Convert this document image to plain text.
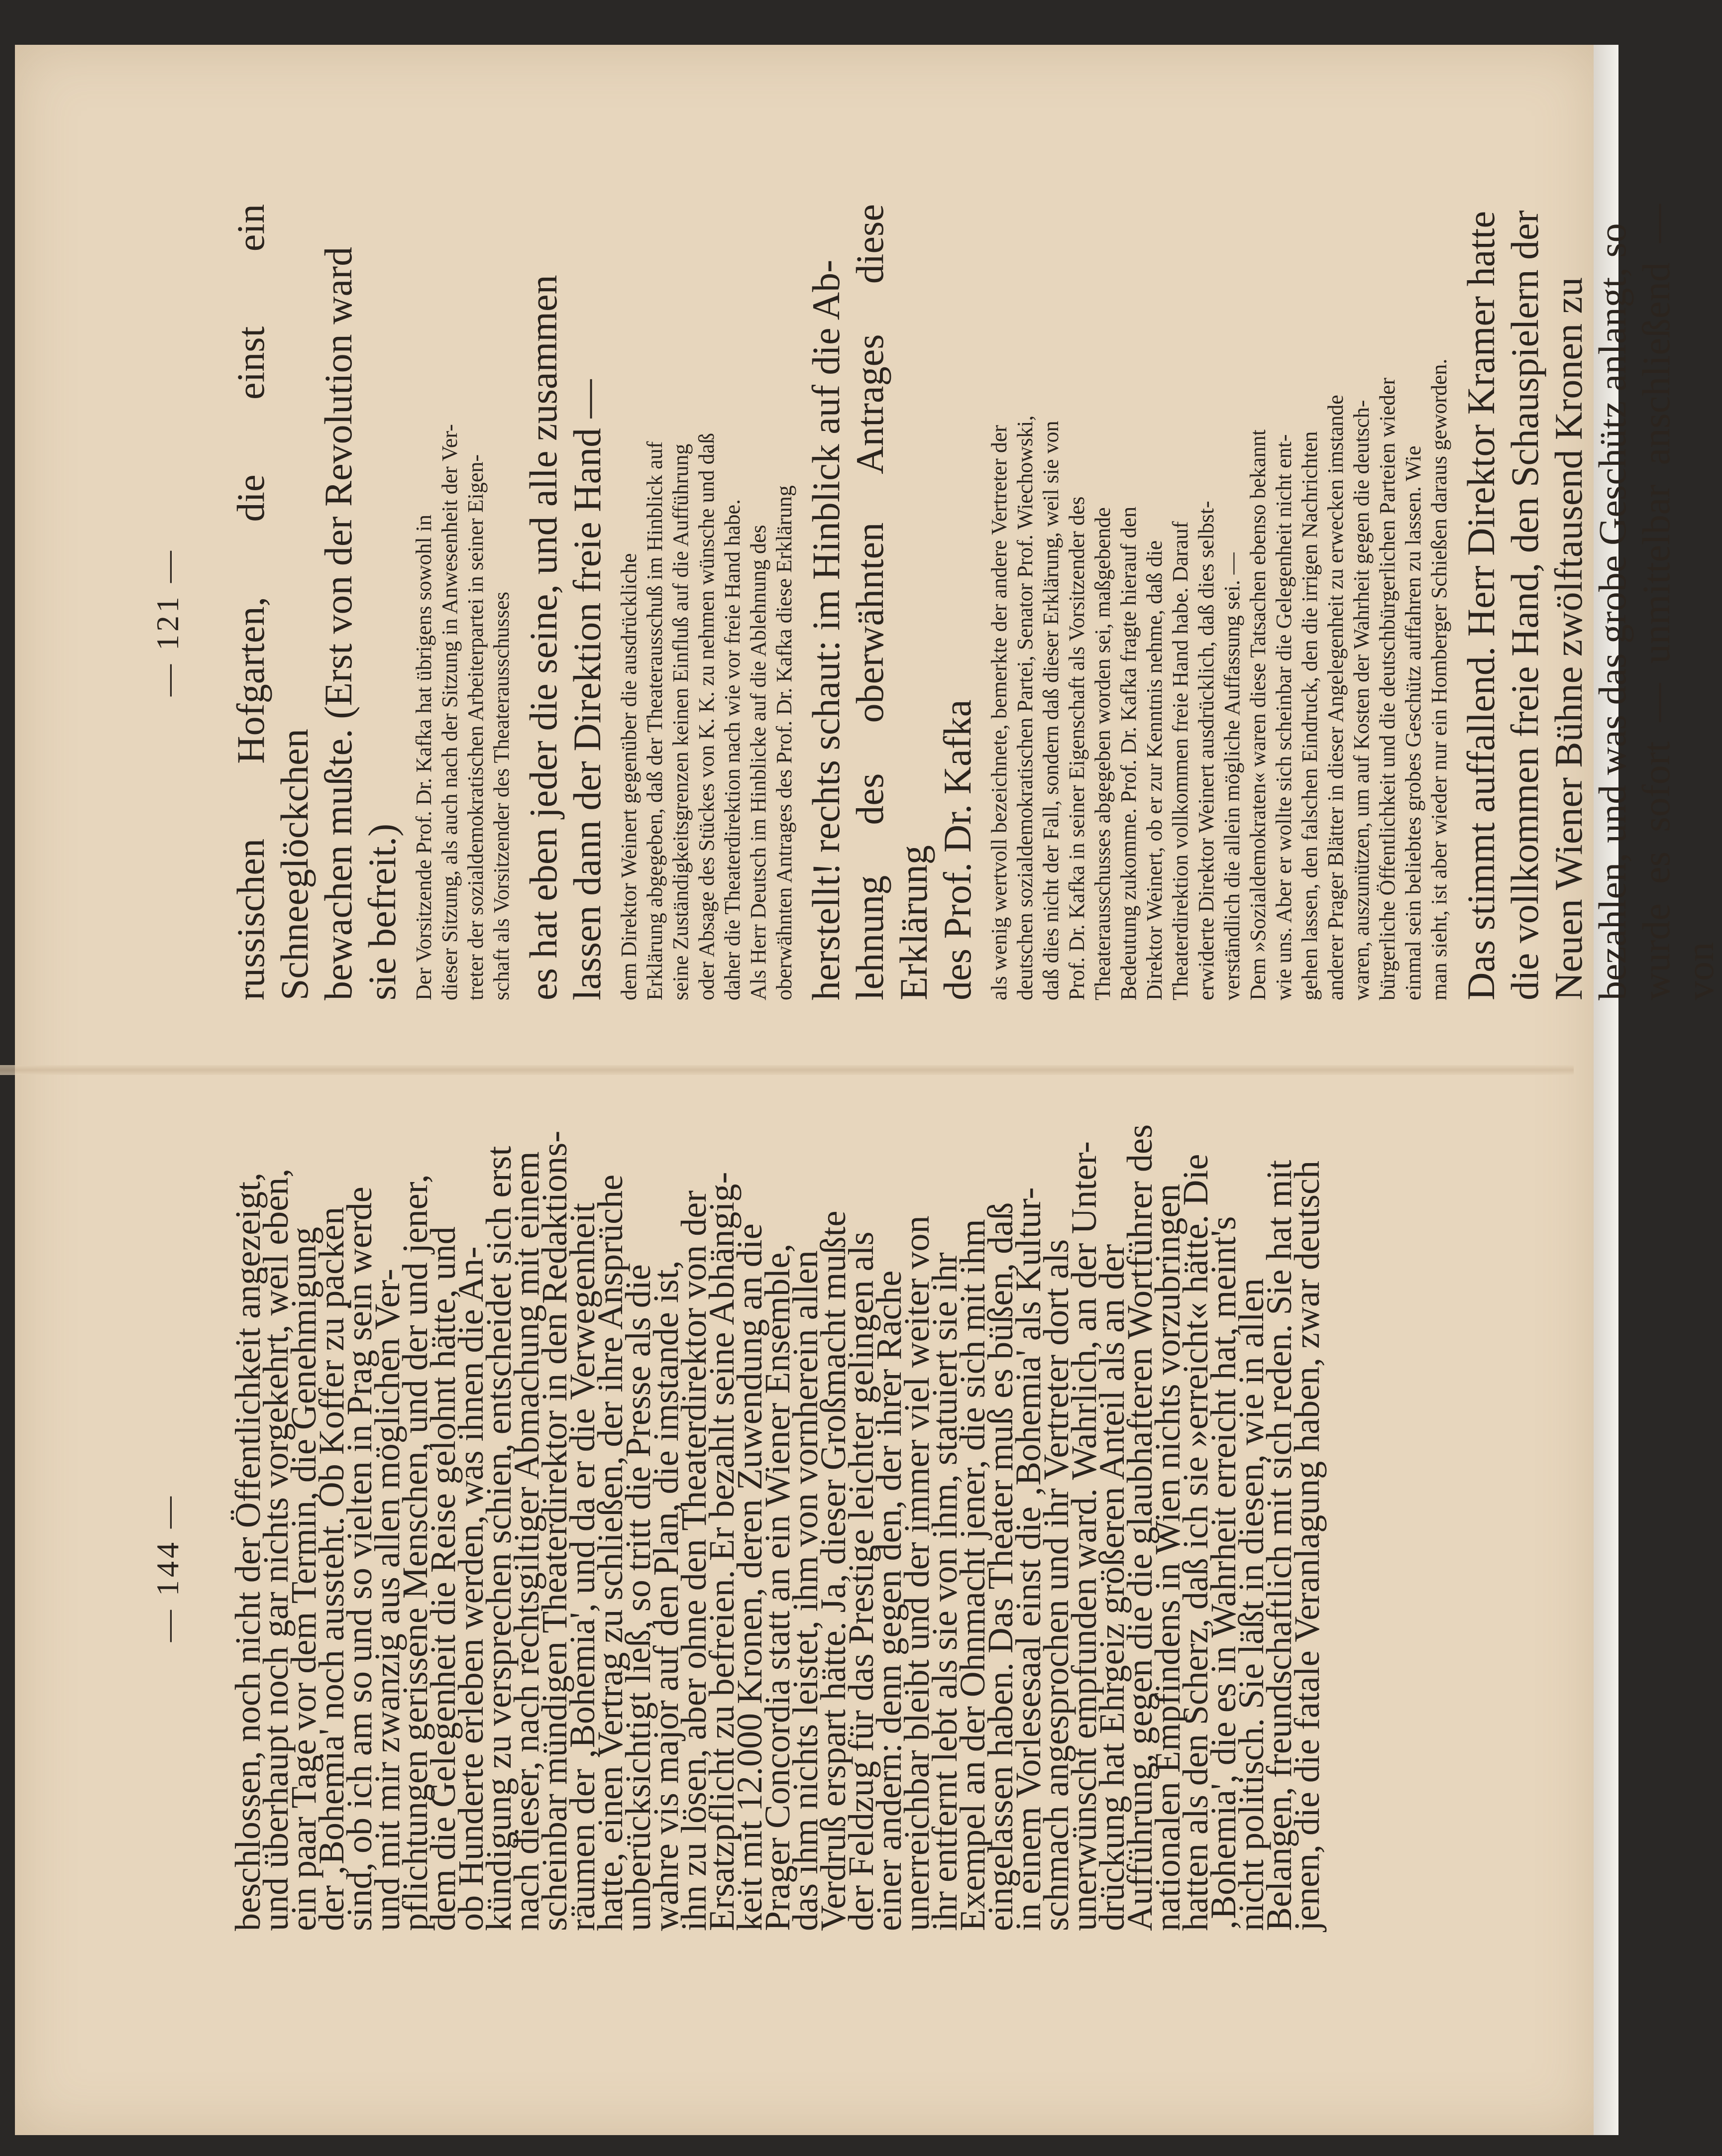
— 121 —
russischen Hofgarten, die einst ein Schneeglöckchen
bewachen mußte. (Erst von der Revolution ward
sie befreit.)
Der Vorsitzende Prof. Dr. Kafka hat übrigens sowohl in
dieser Sitzung, als auch nach der Sitzung in Anwesenheit der Ver-
treter der sozialdemokratischen Arbeiterpartei in seiner Eigen-
schaft als Vorsitzender des Theaterausschusses
es hat eben jeder die seine, und alle zusammen
lassen dann der Direktion freie Hand —
dem Direktor Weinert gegenüber die ausdrückliche
Erklärung abgegeben, daß der Theaterausschuß im Hinblick auf
seine Zuständigkeitsgrenzen keinen Einfluß auf die Aufführung
oder Absage des Stückes von K. K. zu nehmen wünsche und daß
daher die Theaterdirektion nach wie vor freie Hand habe.
Als Herr Deutsch im Hinblicke auf die Ablehnung des
oberwähnten Antrages des Prof. Dr. Kafka diese Erklärung
herstellt! rechts schaut: im Hinblick auf die Ab-
lehnung des oberwähnten Antrages diese Erklärung
des Prof. Dr. Kafka
als wenig wertvoll bezeichnete, bemerkte der andere Vertreter der
deutschen sozialdemokratischen Partei, Senator Prof. Wiechowski,
daß dies nicht der Fall, sondern daß dieser Erklärung, weil sie von
Prof. Dr. Kafka in seiner Eigenschaft als Vorsitzender des
Theaterausschusses abgegeben worden sei, maßgebende
Bedeutung zukomme. Prof. Dr. Kafka fragte hierauf den
Direktor Weinert, ob er zur Kenntnis nehme, daß die
Theaterdirektion vollkommen freie Hand habe. Darauf
erwiderte Direktor Weinert ausdrücklich, daß dies selbst-
verständlich die allein mögliche Auffassung sei. —
Dem »Sozialdemokraten« waren diese Tatsachen ebenso bekannt
wie uns. Aber er wollte sich scheinbar die Gelegenheit nicht ent-
gehen lassen, den falschen Eindruck, den die irrigen Nachrichten
anderer Prager Blätter in dieser Angelegenheit zu erwecken imstande
waren, auszunützen, um auf Kosten der Wahrheit gegen die deutsch-
bürgerliche Öffentlichkeit und die deutschbürgerlichen Parteien wieder
einmal sein beliebtes grobes Geschütz auffahren zu lassen. Wie
man sieht, ist aber wieder nur ein Homberger Schießen daraus geworden.
Das stimmt auffallend. Herr Direktor Kramer hatte
die vollkommen freie Hand, den Schauspielern der
Neuen Wiener Bühne zwölftausend Kronen zu
bezahlen, und was das grobe Geschütz anlangt, so
wurde es sofort — unmittelbar anschließend — von
— 144 —
beschlossen, noch nicht der Öffentlichkeit angezeigt,
und überhaupt noch gar nichts vorgekehrt, weil eben,
ein paar Tage vor dem Termin, die Genehmigung
der ‚Bohemia' noch aussteht. Ob Koffer zu packen
sind, ob ich am so und so vielten in Prag sein werde
und mit mir zwanzig aus allen möglichen Ver-
pflichtungen gerissene Menschen, und der und jener,
dem die Gelegenheit die Reise gelohnt hätte, und
ob Hunderte erleben werden, was ihnen die An-
kündigung zu versprechen schien, entscheidet sich erst
nach dieser, nach rechtsgiltiger Abmachung mit einem
scheinbar mündigen Theaterdirektor in den Redaktions-
räumen der ‚Bohemia', und da er die Verwegenheit
hatte, einen Vertrag zu schließen, der ihre Ansprüche
unberücksichtigt ließ, so tritt die Presse als die
wahre vis major auf den Plan, die imstande ist,
ihn zu lösen, aber ohne den Theaterdirektor von der
Ersatzpflicht zu befreien. Er bezahlt seine Abhängig-
keit mit 12.000 Kronen, deren Zuwendung an die
Prager Concordia statt an ein Wiener Ensemble,
das ihm nichts leistet, ihm von vornherein allen
Verdruß erspart hätte. Ja, dieser Großmacht mußte
der Feldzug für das Prestige leichter gelingen als
einer andern: denn gegen den, der ihrer Rache
unerreichbar bleibt und der immer viel weiter von
ihr entfernt lebt als sie von ihm, statuiert sie ihr
Exempel an der Ohnmacht jener, die sich mit ihm
eingelassen haben. Das Theater muß es büßen, daß
in einem Vorlesesaal einst die ‚Bohemia' als Kultur-
schmach angesprochen und ihr Vertreter dort als
unerwünscht empfunden ward. Wahrlich, an der Unter-
drückung hat Ehrgeiz größeren Anteil als an der
Aufführung, gegen die die glaubhafteren Wortführer des
nationalen Empfindens in Wien nichts vorzubringen
hatten als den Scherz, daß ich sie »erreicht« hätte. Die
‚Bohemia', die es in Wahrheit erreicht hat, meint's
nicht politisch. Sie läßt in diesen, wie in allen
Belangen, freundschaftlich mit sich reden. Sie hat mit
jenen, die die fatale Veranlagung haben, zwar deutsch
